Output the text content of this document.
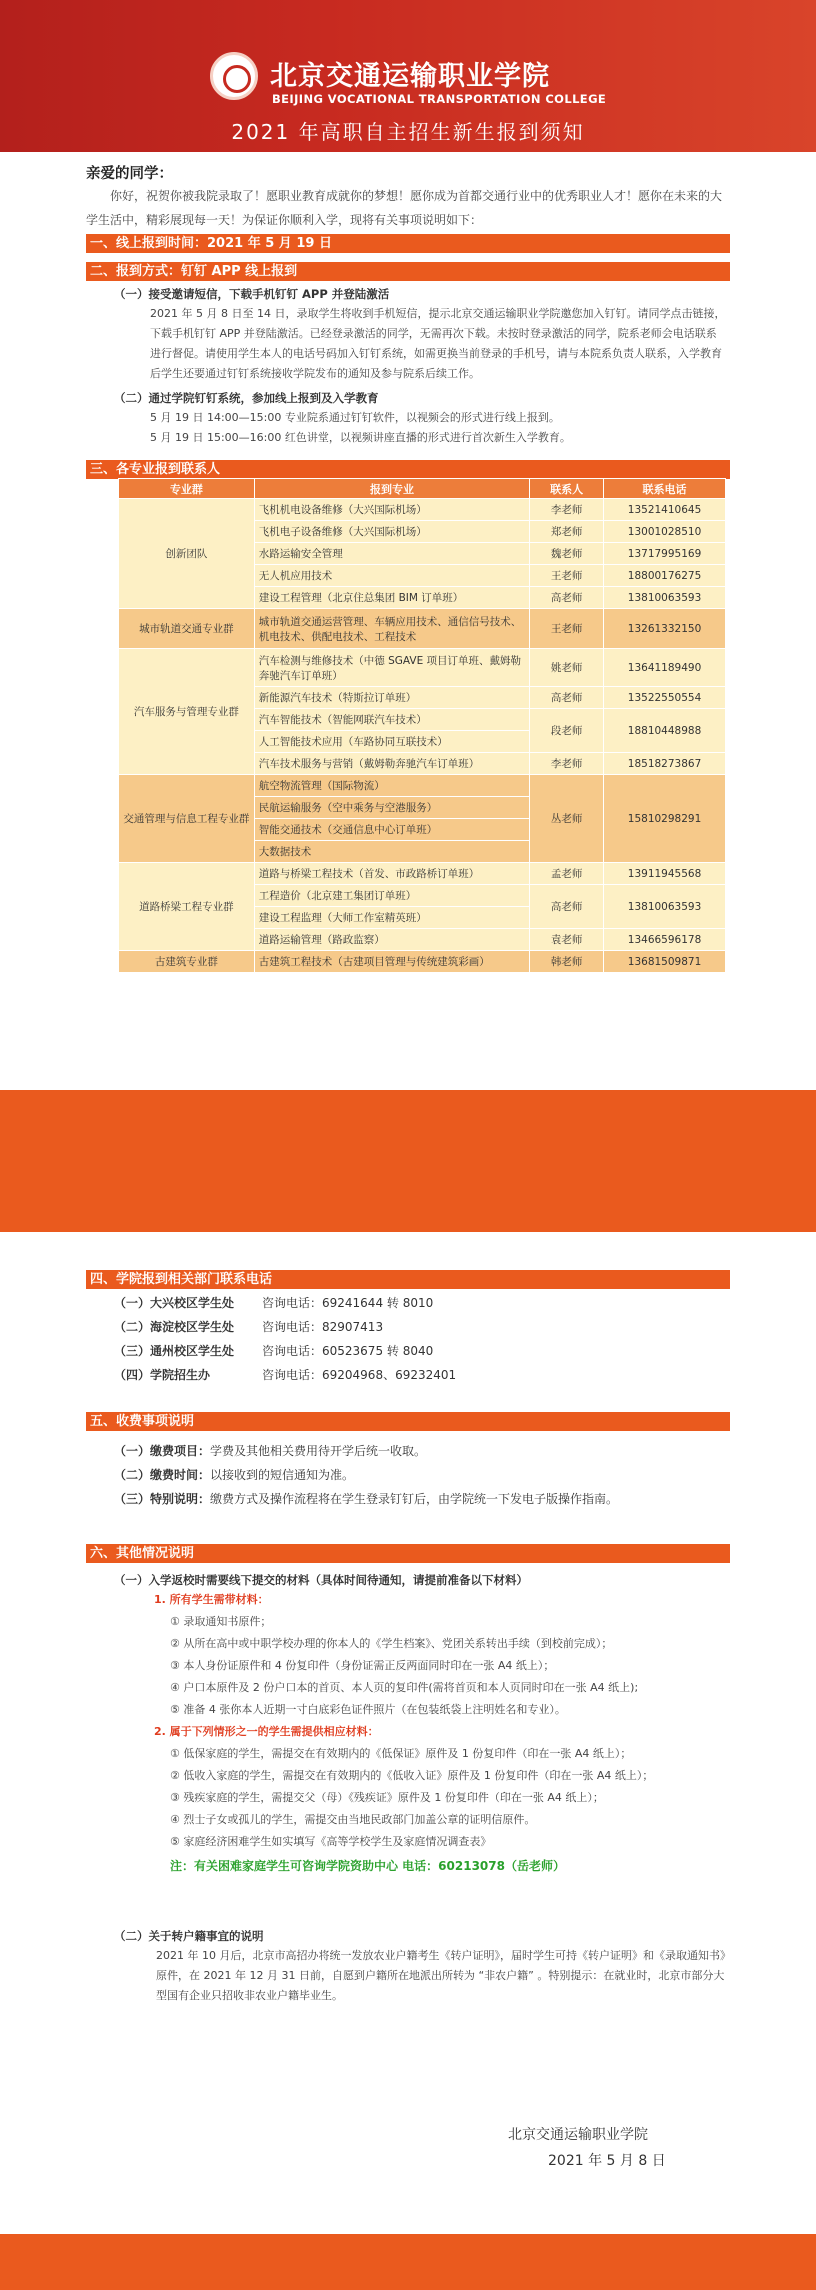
北京交通运输职业学院
BEIJING VOCATIONAL TRANSPORTATION COLLEGE
2021 年高职自主招生新生报到须知
亲爱的同学：
你好，祝贺你被我院录取了！愿职业教育成就你的梦想！愿你成为首都交通行业中的优秀职业人才！愿你在未来的大学生活中，精彩展现每一天！为保证你顺利入学，现将有关事项说明如下：
一、线上报到时间：2021 年 5 月 19 日
二、报到方式：钉钉 APP 线上报到
（一）接受邀请短信，下载手机钉钉 APP 并登陆激活
2021 年 5 月 8 日至 14 日，录取学生将收到手机短信，提示北京交通运输职业学院邀您加入钉钉。请同学点击链接，下载手机钉钉 APP 并登陆激活。已经登录激活的同学，无需再次下载。未按时登录激活的同学，院系老师会电话联系进行督促。请使用学生本人的电话号码加入钉钉系统，如需更换当前登录的手机号，请与本院系负责人联系，入学教育后学生还要通过钉钉系统接收学院发布的通知及参与院系后续工作。
（二）通过学院钉钉系统，参加线上报到及入学教育
5 月 19 日 14:00—15:00 专业院系通过钉钉软件，以视频会的形式进行线上报到。
5 月 19 日 15:00—16:00 红色讲堂，以视频讲座直播的形式进行首次新生入学教育。
三、各专业报到联系人
专业群	报到专业	联系人	联系电话
创新团队	飞机机电设备维修（大兴国际机场）	李老师	13521410645
	飞机电子设备维修（大兴国际机场）	郑老师	13001028510
	水路运输安全管理	魏老师	13717995169
	无人机应用技术	王老师	18800176275
	建设工程管理（北京住总集团 BIM 订单班）	高老师	13810063593
城市轨道交通专业群	城市轨道交通运营管理、车辆应用技术、通信信号技术、机电技术、供配电技术、工程技术	王老师	13261332150
汽车服务与管理专业群	汽车检测与维修技术（中德 SGAVE 项目订单班、戴姆勒奔驰汽车订单班）	姚老师	13641189490
	新能源汽车技术（特斯拉订单班）	高老师	13522550554
	汽车智能技术（智能网联汽车技术）	段老师	18810448988
	人工智能技术应用（车路协同互联技术）		
	汽车技术服务与营销（戴姆勒奔驰汽车订单班）	李老师	18518273867
交通管理与信息工程专业群	航空物流管理（国际物流）	丛老师	15810298291
	民航运输服务（空中乘务与空港服务）		
	智能交通技术（交通信息中心订单班）		
	大数据技术		
道路桥梁工程专业群	道路与桥梁工程技术（首发、市政路桥订单班）	孟老师	13911945568
	工程造价（北京建工集团订单班）	高老师	13810063593
	建设工程监理（大师工作室精英班）		
	道路运输管理（路政监察）	袁老师	13466596178
古建筑专业群	古建筑工程技术（古建项目管理与传统建筑彩画）	韩老师	13681509871
四、学院报到相关部门联系电话
（一）大兴校区学生处 咨询电话：69241644 转 8010
（二）海淀校区学生处 咨询电话：82907413
（三）通州校区学生处 咨询电话：60523675 转 8040
（四）学院招生办	咨询电话：69204968、69232401
五、收费事项说明
（一）缴费项目：学费及其他相关费用待开学后统一收取。
（二）缴费时间：以接收到的短信通知为准。
（三）特别说明：缴费方式及操作流程将在学生登录钉钉后，由学院统一下发电子版操作指南。
六、其他情况说明
（一）入学返校时需要线下提交的材料（具体时间待通知，请提前准备以下材料）
1. 所有学生需带材料：
① 录取通知书原件；
② 从所在高中或中职学校办理的你本人的《学生档案》、党团关系转出手续（到校前完成）；
③ 本人身份证原件和 4 份复印件（身份证需正反两面同时印在一张 A4 纸上）；
④ 户口本原件及 2 份户口本的首页、本人页的复印件(需将首页和本人页同时印在一张 A4 纸上);
⑤ 准备 4 张你本人近期一寸白底彩色证件照片（在包装纸袋上注明姓名和专业）。
2. 属于下列情形之一的学生需提供相应材料：
① 低保家庭的学生，需提交在有效期内的《低保证》原件及 1 份复印件（印在一张 A4 纸上）；
② 低收入家庭的学生，需提交在有效期内的《低收入证》原件及 1 份复印件（印在一张 A4 纸上）；
③ 残疾家庭的学生，需提交父（母）《残疾证》原件及 1 份复印件（印在一张 A4 纸上）；
④ 烈士子女或孤儿的学生，需提交由当地民政部门加盖公章的证明信原件。
⑤ 家庭经济困难学生如实填写《高等学校学生及家庭情况调查表》
注：有关困难家庭学生可咨询学院资助中心 电话：60213078（岳老师）
（二）关于转户籍事宜的说明
2021 年 10 月后，北京市高招办将统一发放农业户籍考生《转户证明》，届时学生可持《转户证明》和《录取通知书》原件，在 2021 年 12 月 31 日前，自愿到户籍所在地派出所转为 “非农户籍” 。特别提示：在就业时，北京市部分大型国有企业只招收非农业户籍毕业生。
北京交通运输职业学院
2021 年 5 月 8 日
